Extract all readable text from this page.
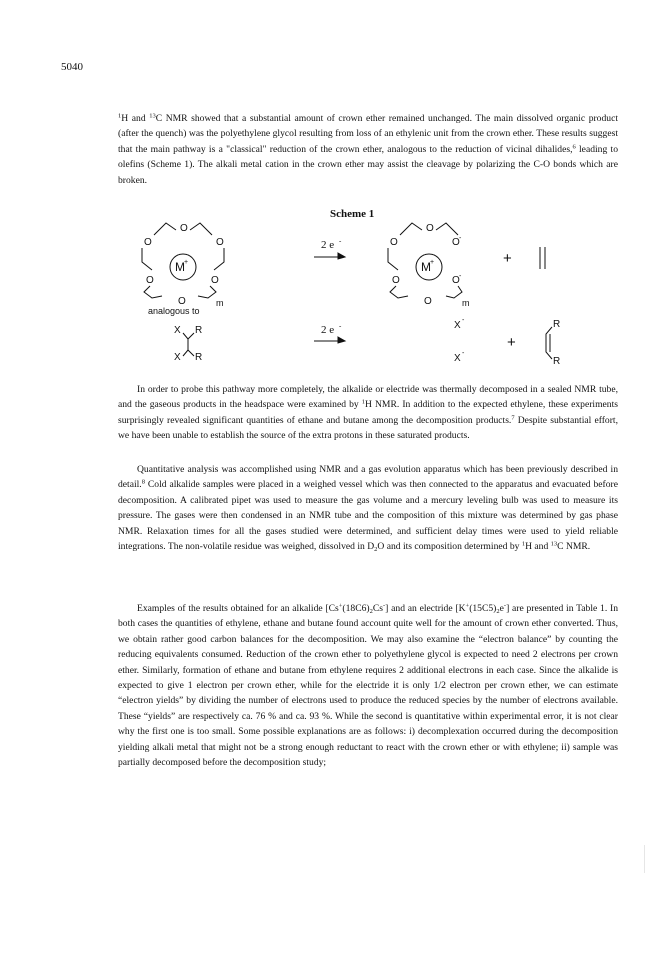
5040

$^1$H and $^{13}$C NMR showed that a substantial amount of crown ether remained unchanged. The main dissolved organic product (after the quench) was the polyethylene glycol resulting from loss of an ethylenic unit from the crown ether. These results suggest that the main pathway is a "classical" reduction of the crown ether, analogous to the reduction of vicinal dihalides,$^6$ leading to olefins (Scheme 1). The alkali metal cation in the crown ether may assist the cleavage by polarizing the C-O bonds which are broken.

Scheme 1
O
O	O
O	O
O
M +
m
O
O	O -
O	O -
O
M +
m
+
+
X R
X R
X -
X -
R
R
2 e -
2 e -
analogous to

In order to probe this pathway more completely, the alkalide or electride was thermally decomposed in a sealed NMR tube, and the gaseous products in the headspace were examined by $^1$H NMR. In addition to the expected ethylene, these experiments surprisingly revealed significant quantities of ethane and butane among the decomposition products.$^7$ Despite substantial effort, we have been unable to establish the source of the extra protons in these saturated products.

Quantitative analysis was accomplished using NMR and a gas evolution apparatus which has been previously described in detail.$^8$ Cold alkalide samples were placed in a weighed vessel which was then connected to the apparatus and evacuated before decomposition. A calibrated pipet was used to measure the gas volume and a mercury leveling bulb was used to measure its pressure. The gases were then condensed in an NMR tube and the composition of this mixture was determined by gas phase NMR. Relaxation times for all the gases studied were determined, and sufficient delay times were used to yield reliable integrations. The non-volatile residue was weighed, dissolved in $D_2O$ and its composition determined by $^1$H and $^{13}$C NMR.

Examples of the results obtained for an alkalide $[Cs^+(18C6)_2Cs^-]$ and an electride $[K^+(15C5)_2e^-]$ are presented in Table 1. In both cases the quantities of ethylene, ethane and butane found account quite well for the amount of crown ether converted. Thus, we obtain rather good carbon balances for the decomposition. We may also examine the “electron balance” by counting the reducing equivalents consumed. Reduction of the crown ether to polyethylene glycol is expected to need 2 electrons per crown ether. Similarly, formation of ethane and butane from ethylene requires 2 additional electrons in each case. Since the alkalide is expected to give 1 electron per crown ether, while for the electride it is only 1/2 electron per crown ether, we can estimate “electron yields” by dividing the number of electrons used to produce the reduced species by the number of electrons available. These “yields” are respectively ca. 76 % and ca. 93 %. While the second is quantitative within experimental error, it is not clear why the first one is too small. Some possible explanations are as follows: i) decomplexation occurred during the decomposition yielding alkali metal that might not be a strong enough reductant to react with the crown ether or with ethylene; ii) sample was partially decomposed before the decomposition study;
